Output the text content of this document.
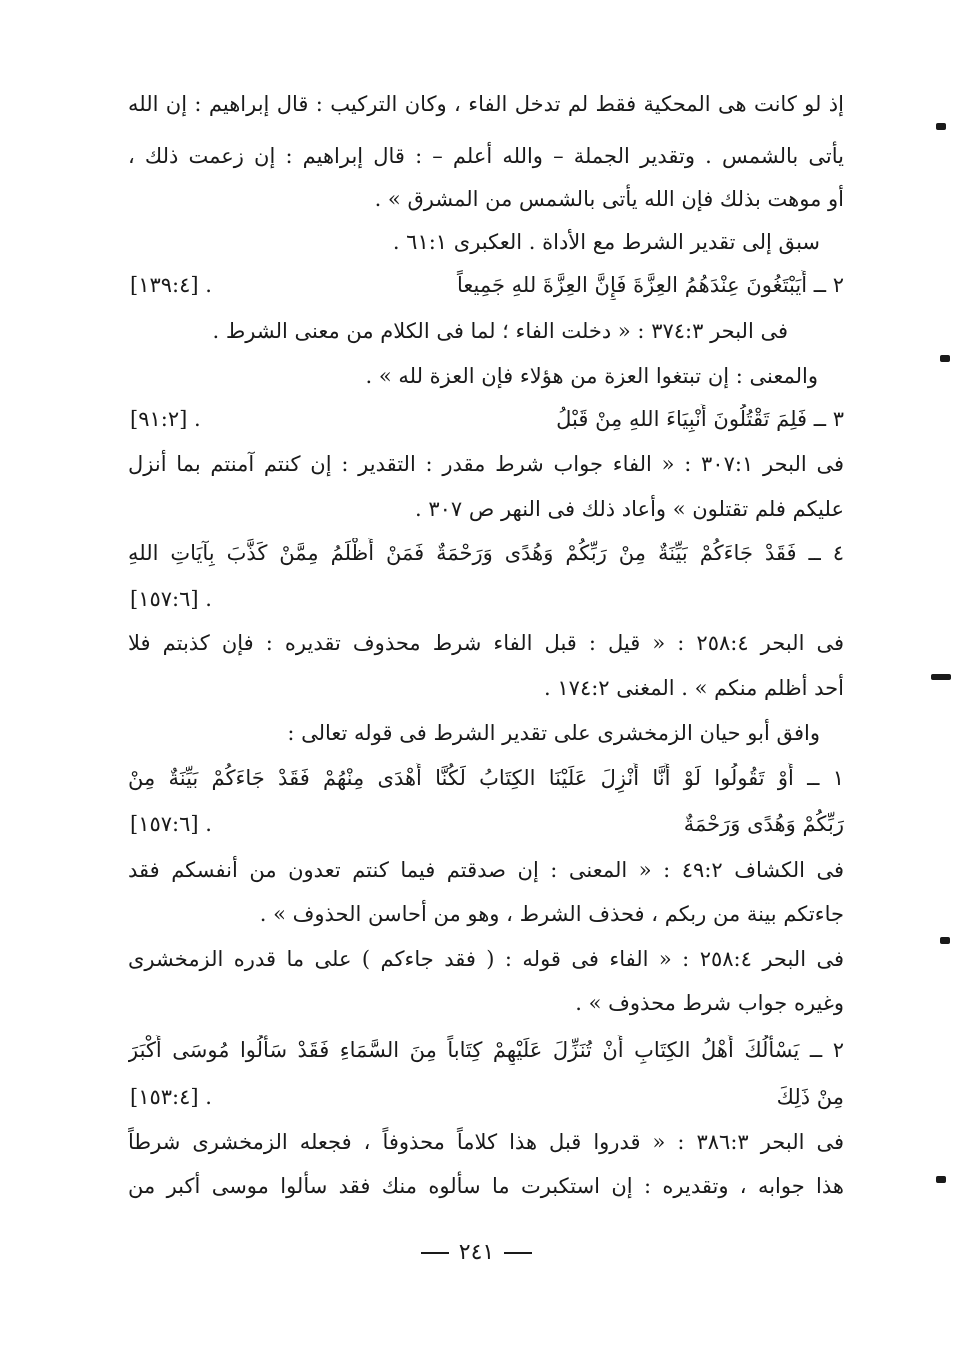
إذ لو كانت هى المحكية فقط لم تدخل الفاء ، وكان التركيب : قال إبراهيم : إن الله
يأتى بالشمس . وتقدير الجملة – والله أعلم – : قال إبراهيم : إن زعمت ذلك ،
أو موهت بذلك فإن الله يأتى بالشمس من المشرق » .
سبق إلى تقدير الشرط مع الأداة . العكبرى ٦١:١ .
٢ ــ أَيَبْتَغُونَ عِنْدَهُمُ العِزَّةَ فَإِنَّ العِزَّةَ للهِ جَمِيعاً
[١٣٩:٤] .
فى البحر ٣٧٤:٣ : « دخلت الفاء ؛ لما فى الكلام من معنى الشرط .
والمعنى : إن تبتغوا العزة من هؤلاء فإن العزة لله » .
٣ ــ فَلِمَ تَقْتُلُونَ أَنْبِيَاءَ اللهِ مِنْ قَبْلُ
[٩١:٢] .
فى البحر ٣٠٧:١ : « الفاء جواب شرط مقدر : التقدير : إن كنتم آمنتم بما أنزل
عليكم فلم تقتلون » وأعاد ذلك فى النهر ص ٣٠٧ .
٤ ــ فَقَدْ جَاءَكُمْ بَيِّنَةٌ مِنْ رَبِّكُمْ وَهُدًى وَرَحْمَةٌ فَمَنْ أَظْلَمُ مِمَّنْ كَذَّبَ بِآيَاتِ اللهِ
[١٥٧:٦] .
فى البحر ٢٥٨:٤ : « قيل : قبل الفاء شرط محذوف تقديره : فإن كذبتم فلا
أحد أظلم منكم » . المغنى ١٧٤:٢ .
وافق أبو حيان الزمخشرى على تقدير الشرط فى قوله تعالى :
١ ــ أَوْ تَقُولُوا لَوْ أَنَّا أُنْزِلَ عَلَيْنَا الكِتَابُ لَكُنَّا أَهْدَى مِنْهُمْ فَقَدْ جَاءَكُمْ بَيِّنَةٌ مِنْ
رَبِّكُمْ وَهُدًى وَرَحْمَةٌ
[١٥٧:٦] .
فى الكشاف ٤٩:٢ : « المعنى : إن صدقتم فيما كنتم تعدون من أنفسكم فقد
جاءتكم بينة من ربكم ، فحذف الشرط ، وهو من أحاسن الحذوف » .
فى البحر ٢٥٨:٤ : « الفاء فى قوله : ( فقد جاءكم ) على ما قدره الزمخشرى
وغيره جواب شرط محذوف » .
٢ ــ يَسْأَلُكَ أَهْلُ الكِتَابِ أَنْ تُنَزِّلَ عَلَيْهِمْ كِتَاباً مِنَ السَّمَاءِ فَقَدْ سَأَلُوا مُوسَى أَكْبَرَ
مِنْ ذَلِكَ
[١٥٣:٤] .
فى البحر ٣٨٦:٣ : « قدروا قبل هذا كلاماً محذوفاً ، فجعله الزمخشرى شرطاً
هذا جوابه ، وتقديره : إن استكبرت ما سألوه منك فقد سألوا موسى أكبر من
٢٤١
